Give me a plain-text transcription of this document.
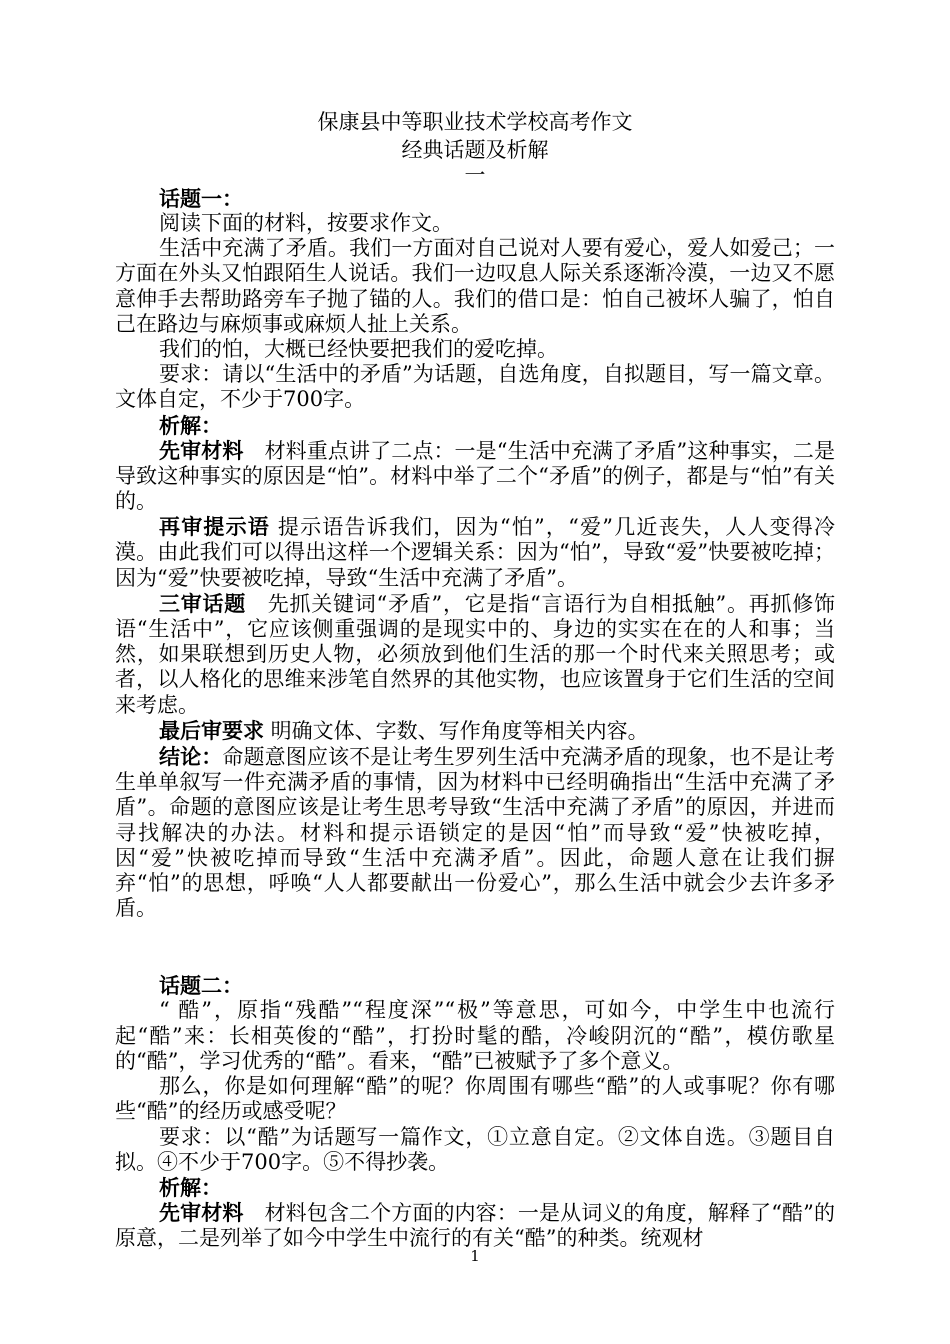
保康县中等职业技术学校高考作文

经典话题及析解

一

话题一：

阅读下面的材料，按要求作文。

生活中充满了矛盾。我们一方面对自己说对人要有爱心，爱人如爱己；一方面在外头又怕跟陌生人说话。我们一边叹息人际关系逐渐冷漠，一边又不愿意伸手去帮助路旁车子抛了锚的人。我们的借口是：怕自己被坏人骗了，怕自己在路边与麻烦事或麻烦人扯上关系。

我们的怕，大概已经快要把我们的爱吃掉。

要求：请以“生活中的矛盾”为话题，自选角度，自拟题目，写一篇文章。文体自定，不少于700字。

析解：

先审材料　材料重点讲了二点：一是“生活中充满了矛盾”这种事实，二是导致这种事实的原因是“怕”。材料中举了二个“矛盾”的例子，都是与“怕”有关的。

再审提示语 提示语告诉我们，因为“怕”，“爱”几近丧失，人人变得冷漠。由此我们可以得出这样一个逻辑关系：因为“怕”，导致“爱”快要被吃掉；因为“爱”快要被吃掉，导致“生活中充满了矛盾”。

三审话题　先抓关键词“矛盾”，它是指“言语行为自相抵触”。再抓修饰语“生活中”，它应该侧重强调的是现实中的、身边的实实在在的人和事；当然，如果联想到历史人物，必须放到他们生活的那一个时代来关照思考；或者，以人格化的思维来涉笔自然界的其他实物，也应该置身于它们生活的空间来考虑。

最后审要求 明确文体、字数、写作角度等相关内容。

结论：命题意图应该不是让考生罗列生活中充满矛盾的现象，也不是让考生单单叙写一件充满矛盾的事情，因为材料中已经明确指出“生活中充满了矛盾”。命题的意图应该是让考生思考导致“生活中充满了矛盾”的原因，并进而寻找解决的办法。材料和提示语锁定的是因“怕”而导致“爱”快被吃掉，因“爱”快被吃掉而导致“生活中充满矛盾”。因此，命题人意在让我们摒弃“怕”的思想，呼唤“人人都要献出一份爱心”，那么生活中就会少去许多矛盾。

话题二：

“ 酷”，原指“残酷”“程度深”“极”等意思，可如今，中学生中也流行起“酷”来：长相英俊的“酷”，打扮时髦的酷，冷峻阴沉的“酷”，模仿歌星的“酷”，学习优秀的“酷”。看来，“酷”已被赋予了多个意义。

那么，你是如何理解“酷”的呢？你周围有哪些“酷”的人或事呢？你有哪些“酷”的经历或感受呢？

要求：以“酷”为话题写一篇作文，①立意自定。②文体自选。③题目自拟。④不少于700字。⑤不得抄袭。

析解：

先审材料　材料包含二个方面的内容：一是从词义的角度，解释了“酷”的原意，二是列举了如今中学生中流行的有关“酷”的种类。统观材

1
